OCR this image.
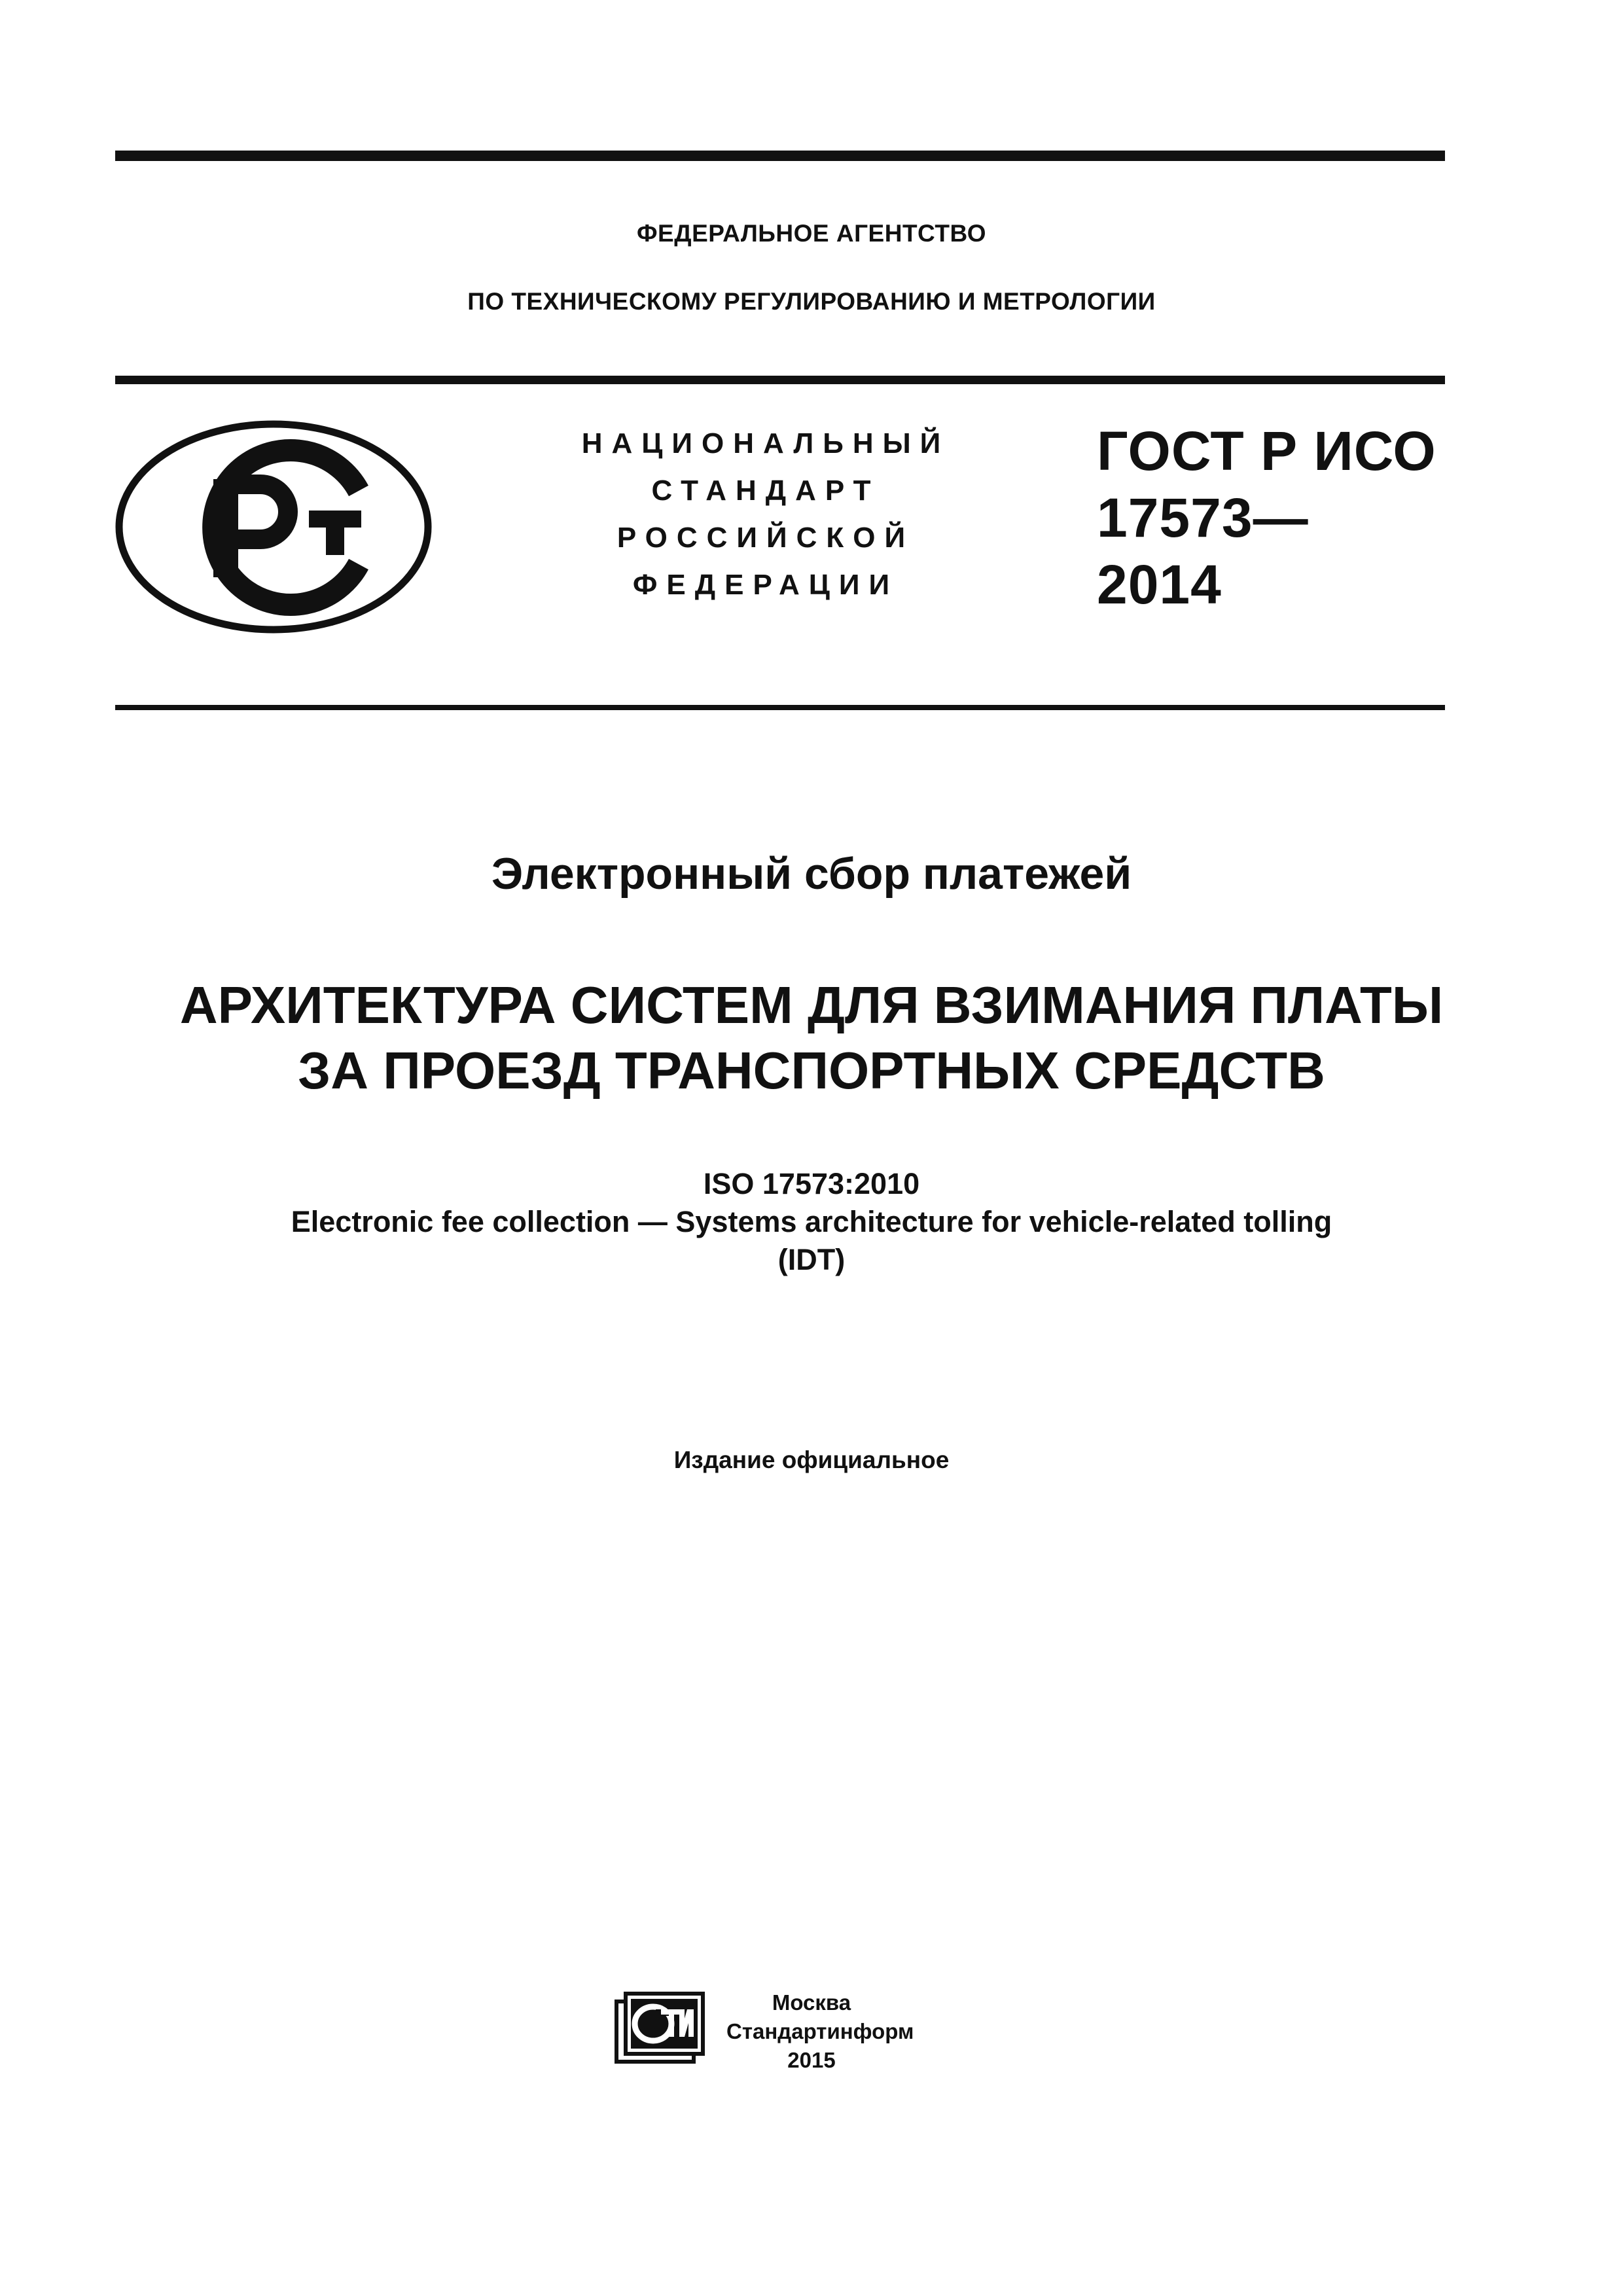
ФЕДЕРАЛЬНОЕ АГЕНТСТВО
ПО ТЕХНИЧЕСКОМУ РЕГУЛИРОВАНИЮ И МЕТРОЛОГИИ
НАЦИОНАЛЬНЫЙ
СТАНДАРТ
РОССИЙСКОЙ
ФЕДЕРАЦИИ
ГОСТ Р ИСО
17573—
2014
Электронный сбор платежей
АРХИТЕКТУРА СИСТЕМ ДЛЯ ВЗИМАНИЯ ПЛАТЫ
ЗА ПРОЕЗД ТРАНСПОРТНЫХ СРЕДСТВ
ISO 17573:2010
Electronic fee collection — Systems architecture for vehicle-related tolling
(IDT)
Издание официальное
Москва
Стандартинформ
2015
